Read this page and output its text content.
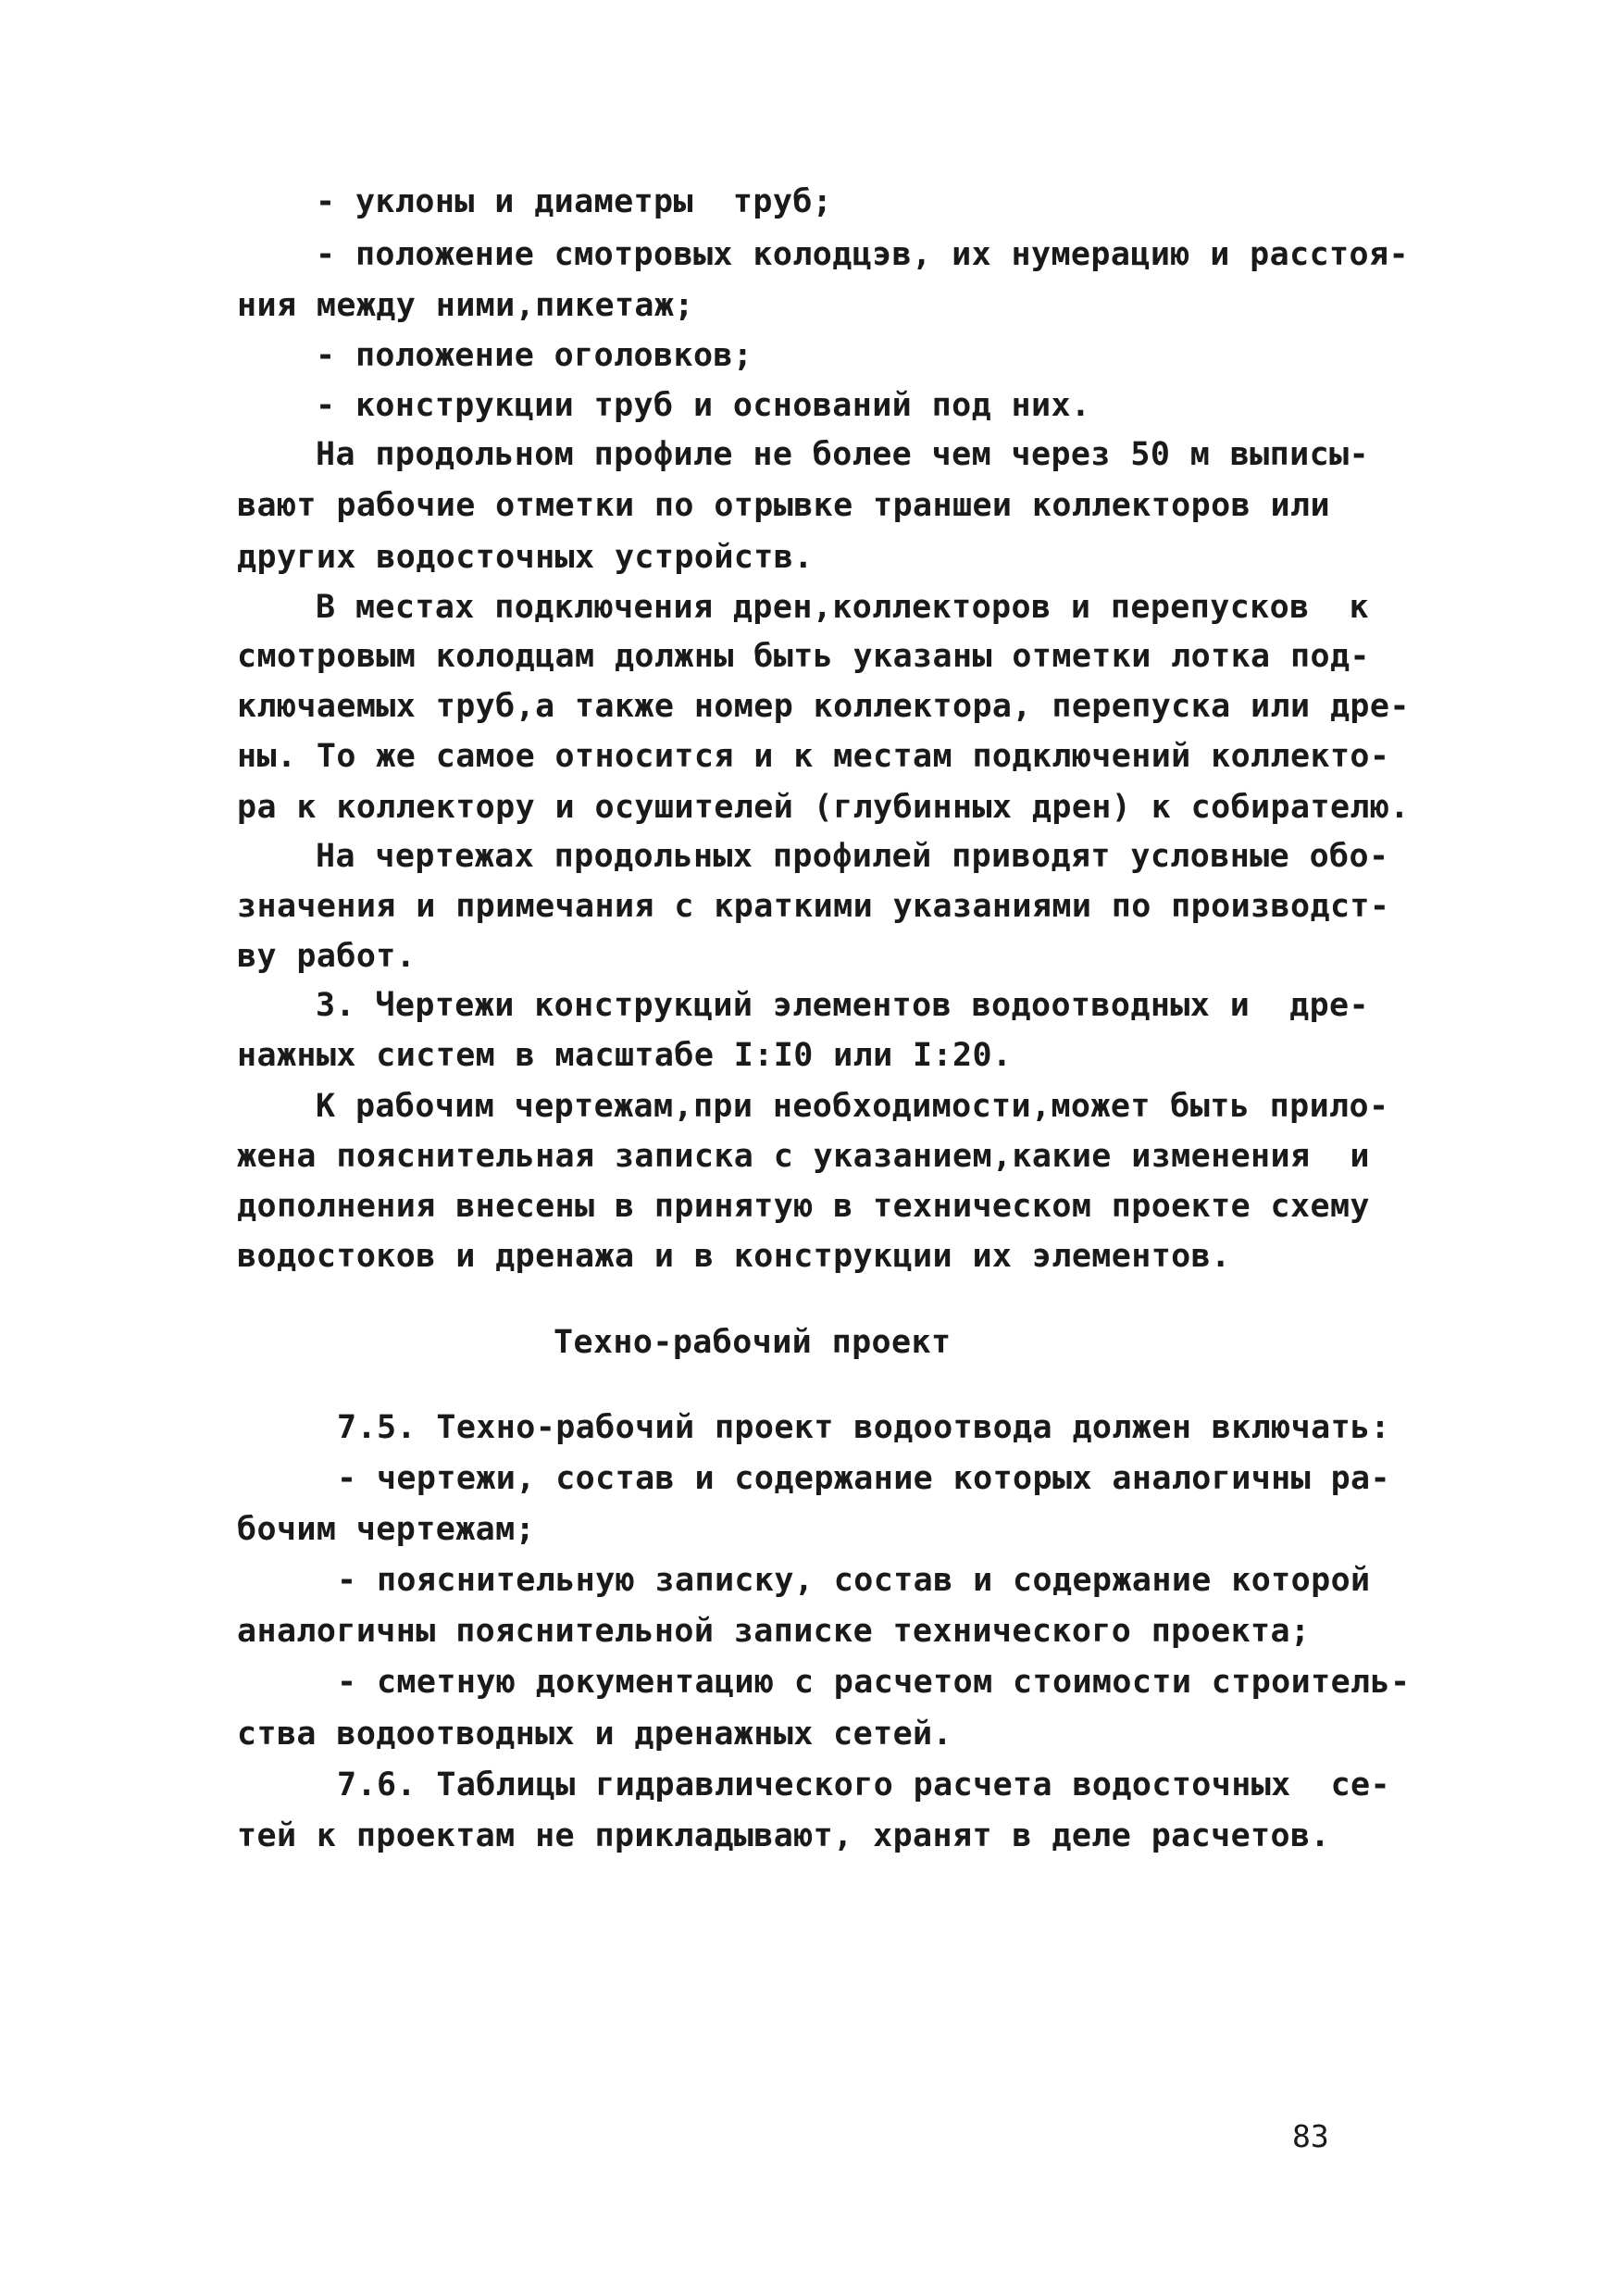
- уклоны и диаметры  труб;
- положение смотровых колодцэв, их нумерацию и расстоя-
ния между ними,пикетаж;
- положение оголовков;
- конструкции труб и оснований под них.
На продольном профиле не более чем через 50 м выписы-
вают рабочие отметки по отрывке траншеи коллекторов или
других водосточных устройств.
В местах подключения дрен,коллекторов и перепусков  к
смотровым колодцам должны быть указаны отметки лотка под-
ключаемых труб,а также номер коллектора, перепуска или дре-
ны. То же самое относится и к местам подключений коллекто-
ра к коллектору и осушителей (глубинных дрен) к собирателю.
На чертежах продольных профилей приводят условные обо-
значения и примечания с краткими указаниями по производст-
ву работ.
3. Чертежи конструкций элементов водоотводных и  дре-
нажных систем в масштабе I:I0 или I:20.
К рабочим чертежам,при необходимости,может быть прило-
жена пояснительная записка с указанием,какие изменения  и
дополнения внесены в принятую в техническом проекте схему
водостоков и дренажа и в конструкции их элементов.
Техно-рабочий проект
7.5. Техно-рабочий проект водоотвода должен включать:
- чертежи, состав и содержание которых аналогичны ра-
бочим чертежам;
- пояснительную записку, состав и содержание которой
аналогичны пояснительной записке технического проекта;
- сметную документацию с расчетом стоимости строитель-
ства водоотводных и дренажных сетей.
7.6. Таблицы гидравлического расчета водосточных  се-
тей к проектам не прикладывают, хранят в деле расчетов.
83
